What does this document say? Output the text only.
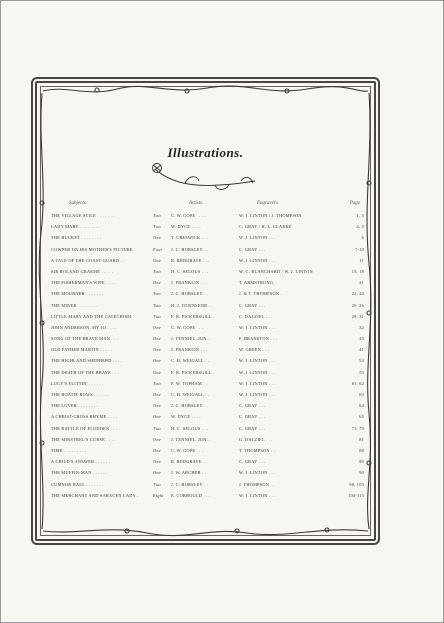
Illustrations.
Subjects.	Artists.	Engravers.	Page
THE VILLAGE STILE . . . . . . .	Two	C. W. COPE . . . .	W. J. LINTON / J. THOMPSON	1, 3
LADY MARY . . . . . . . .	Two	W. DYCE . . . .	C. GRAY / H. L. CLARKE	4, 5
THE BUCKET . . . . . . . .	One	T. CRESWICK . . .	W. J. LINTON . . .	6
COWPER ON HIS MOTHER'S PICTURE	Four	J. C. HORSLEY . .	C. GRAY . . .	7-10
A TALE OF THE COAST-GUARD . .	One	R. REDGRAVE . . .	W. J. LINTON . . .	11
SIR ROLAND GRAEME . . . . .	Two	H. C. SELOUS . . .	W. C. BLANCHARD / W. J. LINTON	15, 18
THE FISHERMAN'S WIFE . . . .	One	J. FRANKLIN . . .	T. ARMSTRONG . .	21
THE MOURNER . . . . . . .	Two	J. C. HORSLEY . .	J. & T. THOMPSON .	22, 24
THE MINER . . . . . . . .	Two	H. J. TOWNSEND . .	C. GRAY . . .	25, 26
LITTLE MARY AND THE CATECHISM	Two	F. R. PICKERSGILL .	C. DALZIEL . . .	29, 31
JOHN ANDERSON, MY JO . . . .	One	C. W. COPE . . .	W. J. LINTON . . .	32
SONG OF THE BRAVE MAN . . .	One	J. TENNIEL, JUN. .	F. BRANSTON . . .	33
OLD FATHER MARTIN . . . . .	One	J. FRANKLIN . . .	W. GREEN . . .	41
THE HIGHLAND SHEPHERD . . . .	One	C. H. WEIGALL . .	W. J. LINTON . . .	53
THE DEATH OF THE BRAVE . . .	One	F. R. PICKERSGILL .	W. J. LINTON . . .	53
LUCY'S FLITTIN' . . . . . .	Two	F. W. TOPHAM . .	W. J. LINTON . . .	61, 62
THE BOATIE ROWS . . . . . .	One	C. H. WEIGALL . .	W. J. LINTON . . .	63
THE LOVER . . . . . . . .	One	J. C. HORSLEY . .	C. GRAY . . .	64
A CHRIST-CROSS RHYME . . . .	One	W. DYCE . . . .	C. GRAY . . .	65
THE BATTLE OF FLODDEN . . . .	Two	H. C. SELOUS . . .	C. GRAY . . .	71, 79
THE MINSTREL'S CURSE . . . .	One	J. TENNIEL, JUN. .	G. DALZIEL . . .	81
TIME . . . . . . . . .	One	C. W. COPE . . .	T. THOMPSON . .	88
A CHILD'S ANSWER . . . . . .	One	R. REDGRAVE . .	C. GRAY . . .	89
THE MUFFIN-MAN . . . . . .	One	J. W. ARCHER . .	W. J. LINTON . . .	90
CUMNOR HALL . . . . . . .	Two	J. C. HORSLEY . .	J. THOMPSON . .	98, 103
THE MERCHANT AND SARACEN LADY .	Eight	E. CORBOULD . . .	W. J. LINTON . . .	104-113
